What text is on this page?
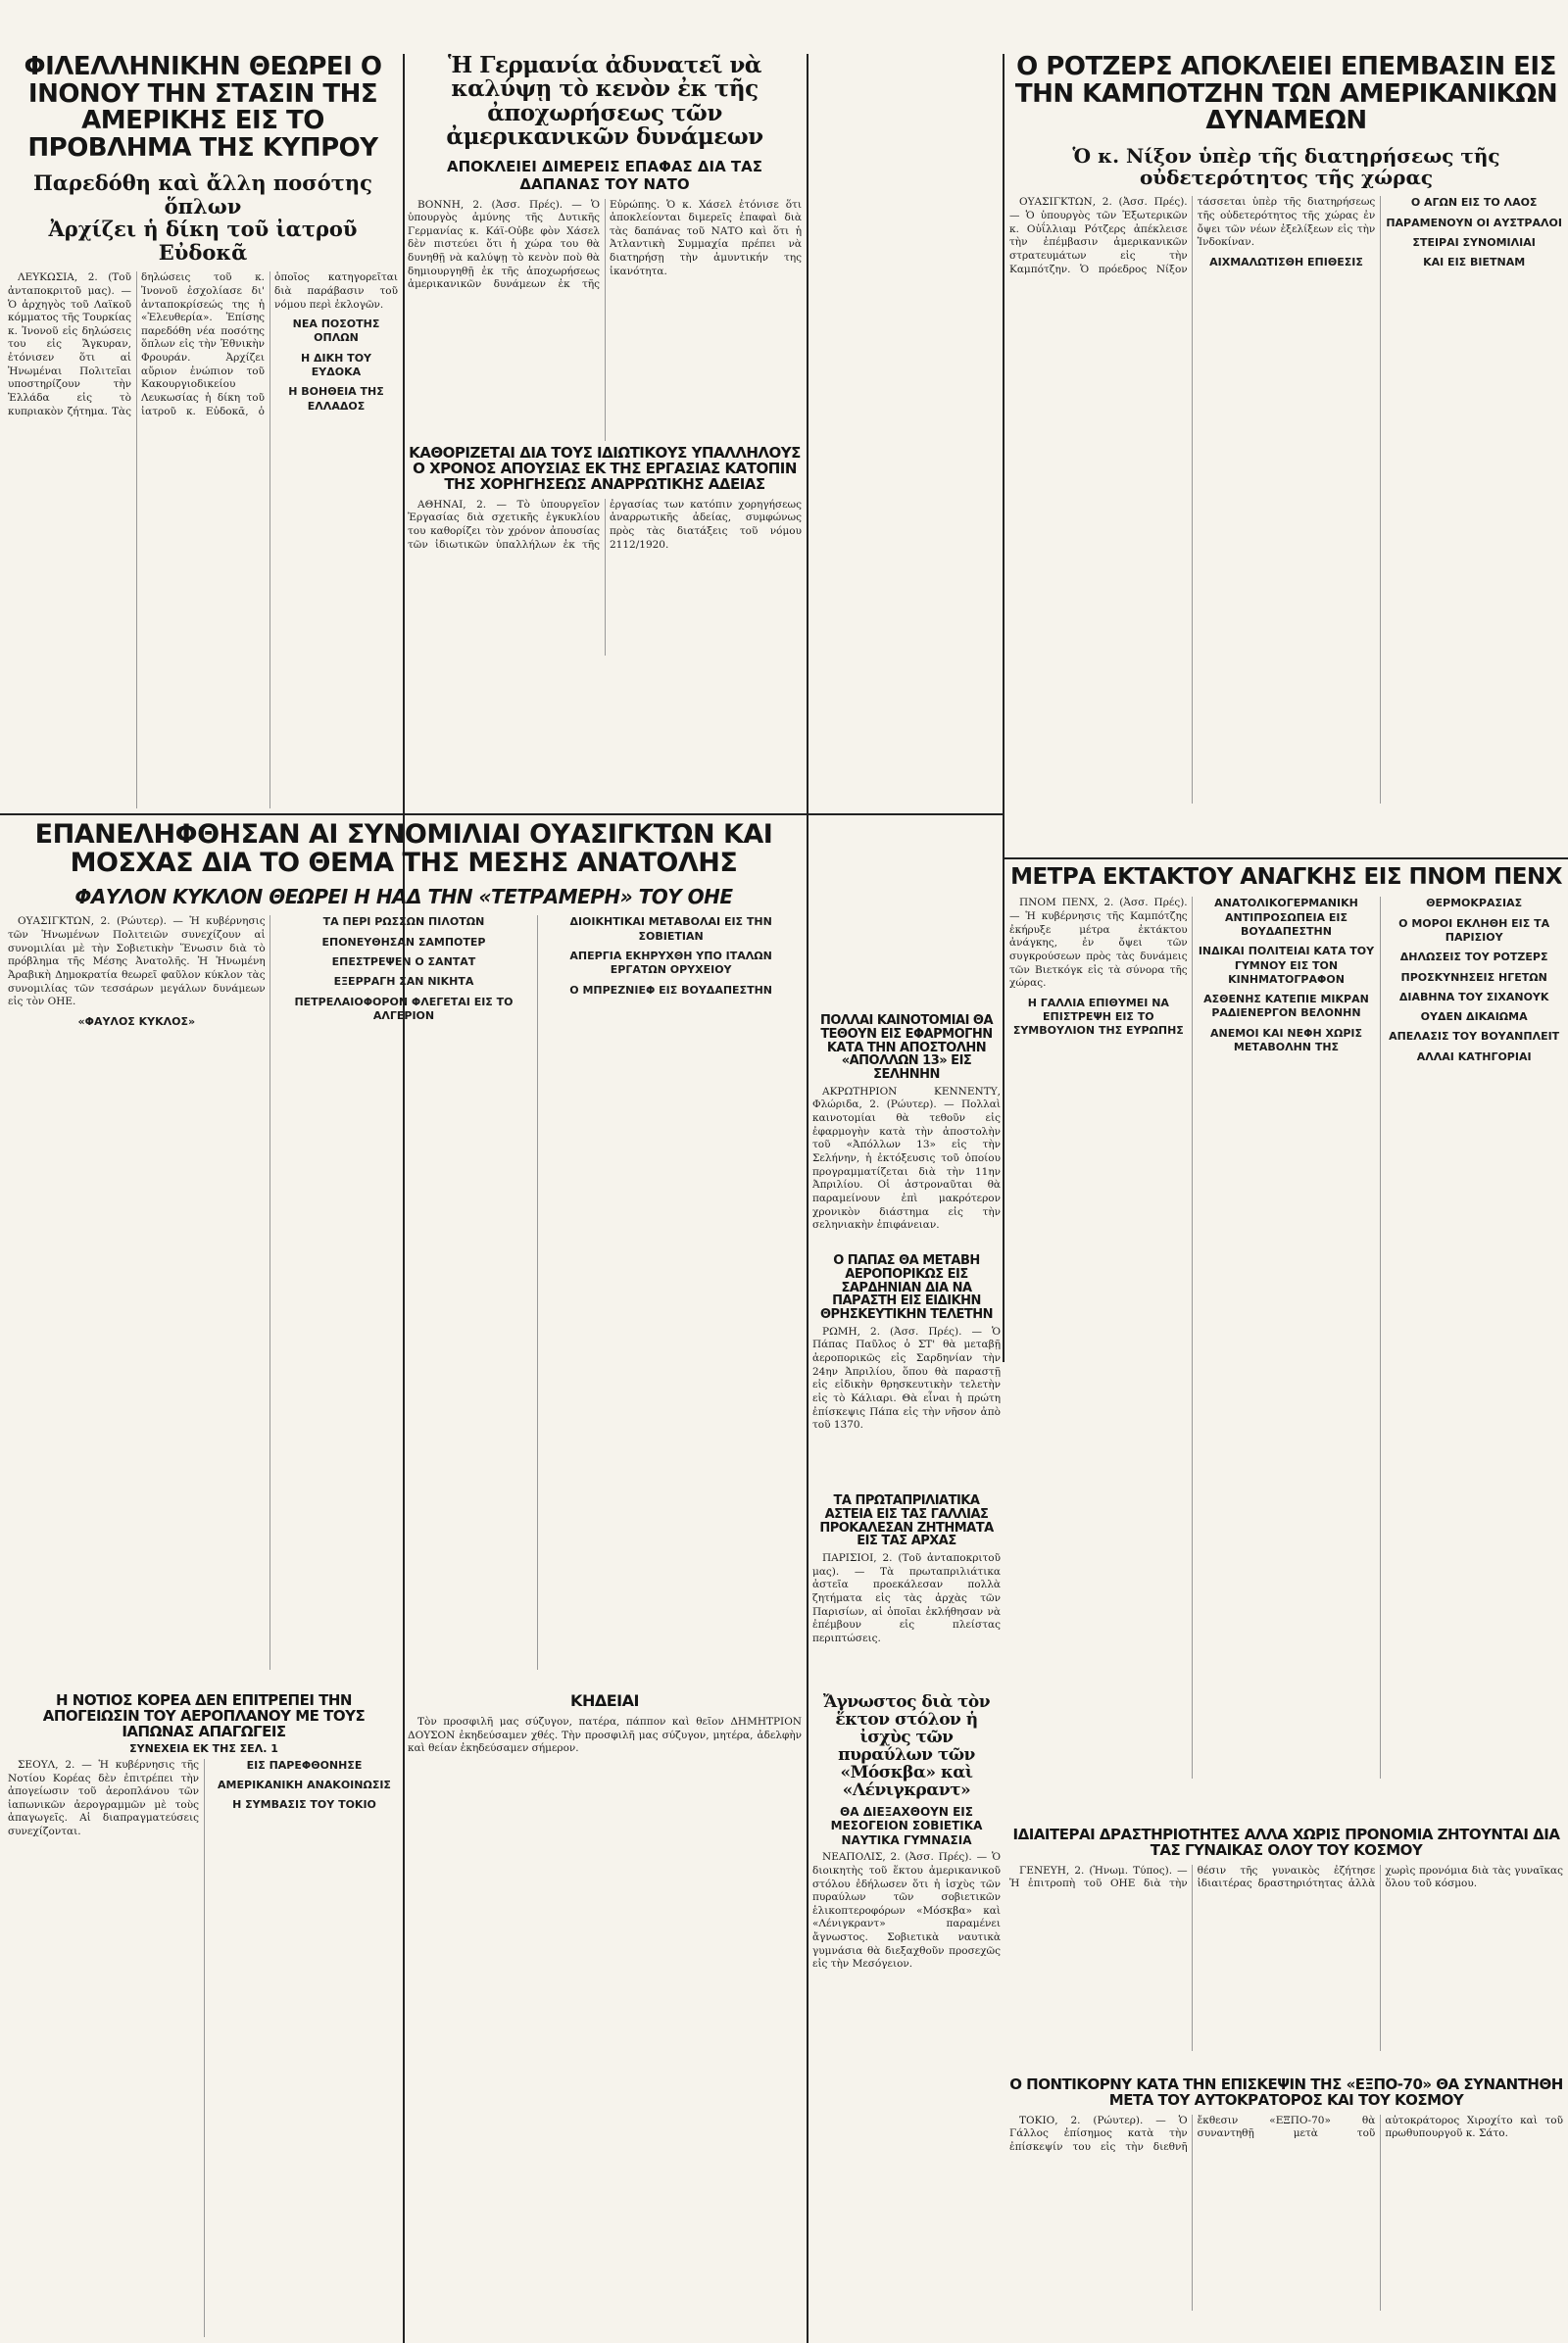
ΦΙΛΕΛΛΗΝΙΚΗΝ ΘΕΩΡΕΙ Ο ΙΝΟΝΟΥ ΤΗΝ ΣΤΑΣΙΝ ΤΗΣ ΑΜΕΡΙΚΗΣ ΕΙΣ ΤΟ ΠΡΟΒΛΗΜΑ ΤΗΣ ΚΥΠΡΟΥ
Παρεδόθη καὶ ἄλλη ποσότης ὅπλων
Ἀρχίζει ἡ δίκη τοῦ ἰατροῦ Εὐδοκᾶ

ΛΕΥΚΩΣΙΑ, 2. (Τοῦ ἀνταποκριτοῦ μας). — Ὁ ἀρχηγὸς τοῦ Λαϊκοῦ κόμματος τῆς Τουρκίας κ. Ἰνονοῦ εἰς δηλώσεις του εἰς Ἄγκυραν, ἐτόνισεν ὅτι αἱ Ἡνωμέναι Πολιτεῖαι υποστηρίζουν τὴν Ἑλλάδα εἰς τὸ κυπριακὸν ζήτημα. Τὰς δηλώσεις τοῦ κ. Ἰνονοῦ ἐσχολίασε δι' ἀνταποκρίσεώς της ἡ «Ἐλευθερία». Ἐπίσης παρεδόθη νέα ποσότης ὅπλων εἰς τὴν Ἐθνικὴν Φρουράν. Ἀρχίζει αὔριον ἐνώπιον τοῦ Κακουργιοδικείου Λευκωσίας ἡ δίκη τοῦ ἰατροῦ κ. Εὐδοκᾶ, ὁ ὁποῖος κατηγορεῖται διὰ παράβασιν τοῦ νόμου περὶ ἐκλογῶν.

ΝΕΑ ΠΟΣΟΤΗΣ ΟΠΛΩΝ
Η ΔΙΚΗ ΤΟΥ ΕΥΔΟΚΑ
Η ΒΟΗΘΕΙΑ ΤΗΣ ΕΛΛΑΔΟΣ
Ἡ Γερμανία ἀδυνατεῖ νὰ καλύψῃ τὸ κενὸν ἐκ τῆς ἀποχωρήσεως τῶν ἀμερικανικῶν δυνάμεων
ΑΠΟΚΛΕΙΕΙ ΔΙΜΕΡΕΙΣ ΕΠΑΦΑΣ ΔΙΑ ΤΑΣ ΔΑΠΑΝΑΣ ΤΟΥ ΝΑΤΟ

ΒΟΝΝΗ, 2. (Ἀσσ. Πρές). — Ὁ ὑπουργὸς ἀμύνης τῆς Δυτικῆς Γερμανίας κ. Κάϊ-Οὐβε φὸν Χάσελ δὲν πιστεύει ὅτι ἡ χώρα του θὰ δυνηθῇ νὰ καλύψῃ τὸ κενὸν ποὺ θὰ δημιουργηθῇ ἐκ τῆς ἀποχωρήσεως ἀμερικανικῶν δυνάμεων ἐκ τῆς Εὐρώπης. Ὁ κ. Χάσελ ἐτόνισε ὅτι ἀποκλείονται διμερεῖς ἐπαφαὶ διὰ τὰς δαπάνας τοῦ ΝΑΤΟ καὶ ὅτι ἡ Ἀτλαντικὴ Συμμαχία πρέπει νὰ διατηρήσῃ τὴν ἀμυντικήν της ἱκανότητα.

ΚΑΘΟΡΙΖΕΤΑΙ ΔΙΑ ΤΟΥΣ ΙΔΙΩΤΙΚΟΥΣ ΥΠΑΛΛΗΛΟΥΣ Ο ΧΡΟΝΟΣ ΑΠΟΥΣΙΑΣ ΕΚ ΤΗΣ ΕΡΓΑΣΙΑΣ ΚΑΤΟΠΙΝ ΤΗΣ ΧΟΡΗΓΗΣΕΩΣ ΑΝΑΡΡΩΤΙΚΗΣ ΑΔΕΙΑΣ

ΑΘΗΝΑΙ, 2. — Τὸ ὑπουργεῖον Ἐργασίας διὰ σχετικῆς ἐγκυκλίου του καθορίζει τὸν χρόνον ἀπουσίας τῶν ἰδιωτικῶν ὑπαλλήλων ἐκ τῆς ἐργασίας των κατόπιν χορηγήσεως ἀναρρωτικῆς ἀδείας, συμφώνως πρὸς τὰς διατάξεις τοῦ νόμου 2112/1920.

Ο ΡΟΤΖΕΡΣ ΑΠΟΚΛΕΙΕΙ ΕΠΕΜΒΑΣΙΝ ΕΙΣ ΤΗΝ ΚΑΜΠΟΤΖΗΝ ΤΩΝ ΑΜΕΡΙΚΑΝΙΚΩΝ ΔΥΝΑΜΕΩΝ
Ὁ κ. Νίξον ὑπὲρ τῆς διατηρήσεως τῆς οὐδετερότητος τῆς χώρας

ΟΥΑΣΙΓΚΤΩΝ, 2. (Ἀσσ. Πρές). — Ὁ ὑπουργὸς τῶν Ἐξωτερικῶν κ. Οὐΐλλιαμ Ρότζερς ἀπέκλεισε τὴν ἐπέμβασιν ἀμερικανικῶν στρατευμάτων εἰς τὴν Καμπότζην. Ὁ πρόεδρος Νίξον τάσσεται ὑπὲρ τῆς διατηρήσεως τῆς οὐδετερότητος τῆς χώρας ἐν ὄψει τῶν νέων ἐξελίξεων εἰς τὴν Ἰνδοκίναν.

ΑΙΧΜΑΛΩΤΙΣΘΗ ΕΠΙΘΕΣΙΣ
Ο ΑΓΩΝ ΕΙΣ ΤΟ ΛΑΟΣ
ΠΑΡΑΜΕΝΟΥΝ ΟΙ ΑΥΣΤΡΑΛΟΙ
ΣΤΕΙΡΑΙ ΣΥΝΟΜΙΛΙΑΙ
ΚΑΙ ΕΙΣ ΒΙΕΤΝΑΜ
ΕΠΑΝΕΛΗΦΘΗΣΑΝ ΑΙ ΣΥΝΟΜΙΛΙΑΙ ΟΥΑΣΙΓΚΤΩΝ ΚΑΙ ΜΟΣΧΑΣ ΔΙΑ ΤΟ ΘΕΜΑ ΤΗΣ ΜΕΣΗΣ ΑΝΑΤΟΛΗΣ
ΦΑΥΛΟΝ ΚΥΚΛΟΝ ΘΕΩΡΕΙ Η ΗΑΔ ΤΗΝ «ΤΕΤΡΑΜΕΡΗ» ΤΟΥ ΟΗΕ

ΟΥΑΣΙΓΚΤΩΝ, 2. (Ρώυτερ). — Ἡ κυβέρνησις τῶν Ἡνωμένων Πολιτειῶν συνεχίζουν αἱ συνομιλίαι μὲ τὴν Σοβιετικὴν Ἕνωσιν διὰ τὸ πρόβλημα τῆς Μέσης Ἀνατολῆς. Ἡ Ἡνωμένη Ἀραβικὴ Δημοκρατία θεωρεῖ φαῦλον κύκλον τὰς συνομιλίας τῶν τεσσάρων μεγάλων δυνάμεων εἰς τὸν ΟΗΕ.

«ΦΑΥΛΟΣ ΚΥΚΛΟΣ»
ΤΑ ΠΕΡΙ ΡΩΣΣΩΝ ΠΙΛΟΤΩΝ
ΕΠΟΝΕΥΘΗΣΑΝ ΣΑΜΠΟΤΕΡ
ΕΠΕΣΤΡΕΨΕΝ Ο ΣΑΝΤΑΤ
ΕΞΕΡΡΑΓΗ ΣΑΝ ΝΙΚΗΤΑ
ΠΕΤΡΕΛΑΙΟΦΟΡΟΝ ΦΛΕΓΕΤΑΙ ΕΙΣ ΤΟ ΑΛΓΕΡΙΟΝ
ΔΙΟΙΚΗΤΙΚΑΙ ΜΕΤΑΒΟΛΑΙ ΕΙΣ ΤΗΝ ΣΟΒΙΕΤΙΑΝ
ΑΠΕΡΓΙΑ ΕΚΗΡΥΧΘΗ ΥΠΟ ΙΤΑΛΩΝ ΕΡΓΑΤΩΝ ΟΡΥΧΕΙΟΥ
Ο ΜΠΡΕΖΝΙΕΦ ΕΙΣ ΒΟΥΔΑΠΕΣΤΗΝ
ΠΟΛΛΑΙ ΚΑΙΝΟΤΟΜΙΑΙ ΘΑ ΤΕΘΟΥΝ ΕΙΣ ΕΦΑΡΜΟΓΗΝ ΚΑΤΑ ΤΗΝ ΑΠΟΣΤΟΛΗΝ «ΑΠΟΛΛΩΝ 13» ΕΙΣ ΣΕΛΗΝΗΝ

ΑΚΡΩΤΗΡΙΟΝ ΚΕΝΝΕΝΤΥ, Φλώριδα, 2. (Ρώυτερ). — Πολλαὶ καινοτομίαι θὰ τεθοῦν εἰς ἐφαρμογὴν κατὰ τὴν ἀποστολὴν τοῦ «Ἀπόλλων 13» εἰς τὴν Σελήνην, ἡ ἐκτόξευσις τοῦ ὁποίου προγραμματίζεται διὰ τὴν 11ην Ἀπριλίου. Οἱ ἀστροναῦται θὰ παραμείνουν ἐπὶ μακρότερον χρονικὸν διάστημα εἰς τὴν σεληνιακὴν ἐπιφάνειαν.

Ο ΠΑΠΑΣ ΘΑ ΜΕΤΑΒΗ ΑΕΡΟΠΟΡΙΚΩΣ ΕΙΣ ΣΑΡΔΗΝΙΑΝ ΔΙΑ ΝΑ ΠΑΡΑΣΤΗ ΕΙΣ ΕΙΔΙΚΗΝ ΘΡΗΣΚΕΥΤΙΚΗΝ ΤΕΛΕΤΗΝ

ΡΩΜΗ, 2. (Ἀσσ. Πρές). — Ὁ Πάπας Παῦλος ὁ ΣΤ' θὰ μεταβῇ ἀεροπορικῶς εἰς Σαρδηνίαν τὴν 24ην Ἀπριλίου, ὅπου θὰ παραστῇ εἰς εἰδικὴν θρησκευτικὴν τελετὴν εἰς τὸ Κάλιαρι. Θὰ εἶναι ἡ πρώτη ἐπίσκεψις Πάπα εἰς τὴν νῆσον ἀπὸ τοῦ 1370.

ΤΑ ΠΡΩΤΑΠΡΙΛΙΑΤΙΚΑ ΑΣΤΕΙΑ ΕΙΣ ΤΑΣ ΓΑΛΛΙΑΣ ΠΡΟΚΑΛΕΣΑΝ ΖΗΤΗΜΑΤΑ ΕΙΣ ΤΑΣ ΑΡΧΑΣ

ΠΑΡΙΣΙΟΙ, 2. (Τοῦ ἀνταποκριτοῦ μας). — Τὰ πρωταπριλιάτικα ἀστεῖα προεκάλεσαν πολλὰ ζητήματα εἰς τὰς ἀρχὰς τῶν Παρισίων, αἱ ὁποῖαι ἐκλήθησαν νὰ ἐπέμβουν εἰς πλείστας περιπτώσεις.

Η ΝΟΤΙΟΣ ΚΟΡΕΑ ΔΕΝ ΕΠΙΤΡΕΠΕΙ ΤΗΝ ΑΠΟΓΕΙΩΣΙΝ ΤΟΥ ΑΕΡΟΠΛΑΝΟΥ ΜΕ ΤΟΥΣ ΙΑΠΩΝΑΣ ΑΠΑΓΩΓΕΙΣ
ΣΥΝΕΧΕΙΑ ΕΚ ΤΗΣ ΣΕΛ. 1

ΣΕΟΥΛ, 2. — Ἡ κυβέρνησις τῆς Νοτίου Κορέας δὲν ἐπιτρέπει τὴν ἀπογείωσιν τοῦ ἀεροπλάνου τῶν ἰαπωνικῶν ἀερογραμμῶν μὲ τοὺς ἀπαγωγεῖς. Αἱ διαπραγματεύσεις συνεχίζονται.

ΕΙΣ ΠΑΡΕΦΘΟΝΗΣΕ
ΑΜΕΡΙΚΑΝΙΚΗ ΑΝΑΚΟΙΝΩΣΙΣ
Η ΣΥΜΒΑΣΙΣ ΤΟΥ ΤΟΚΙΟ
ΚΗΔΕΙΑΙ

Τὸν προσφιλῆ μας σύζυγον, πατέρα, πάππον καὶ θεῖον ΔΗΜΗΤΡΙΟΝ ΔΟΥΣΟΝ ἐκηδεύσαμεν χθές. Τὴν προσφιλῆ μας σύζυγον, μητέρα, ἀδελφὴν καὶ θείαν ἐκηδεύσαμεν σήμερον.

Ἄγνωστος διὰ τὸν ἕκτον στόλον ἡ ἰσχὺς τῶν πυραύλων τῶν «Μόσκβα» καὶ «Λένιγκραντ»
ΘΑ ΔΙΕΞΑΧΘΟΥΝ ΕΙΣ ΜΕΣΟΓΕΙΟΝ ΣΟΒΙΕΤΙΚΑ ΝΑΥΤΙΚΑ ΓΥΜΝΑΣΙΑ

ΝΕΑΠΟΛΙΣ, 2. (Ἀσσ. Πρές). — Ὁ διοικητὴς τοῦ ἕκτου ἀμερικανικοῦ στόλου ἐδήλωσεν ὅτι ἡ ἰσχὺς τῶν πυραύλων τῶν σοβιετικῶν ἑλικοπτεροφόρων «Μόσκβα» καὶ «Λένιγκραντ» παραμένει ἄγνωστος. Σοβιετικὰ ναυτικὰ γυμνάσια θὰ διεξαχθοῦν προσεχῶς εἰς τὴν Μεσόγειον.

ΜΕΤΡΑ ΕΚΤΑΚΤΟΥ ΑΝΑΓΚΗΣ ΕΙΣ ΠΝΟΜ ΠΕΝΧ

ΠΝΟΜ ΠΕΝΧ, 2. (Ἀσσ. Πρές). — Ἡ κυβέρνησις τῆς Καμπότζης ἐκήρυξε μέτρα ἐκτάκτου ἀνάγκης, ἐν ὄψει τῶν συγκρούσεων πρὸς τὰς δυνάμεις τῶν Βιετκόγκ εἰς τὰ σύνορα τῆς χώρας.

Η ΓΑΛΛΙΑ ΕΠΙΘΥΜΕΙ ΝΑ ΕΠΙΣΤΡΕΨΗ ΕΙΣ ΤΟ ΣΥΜΒΟΥΛΙΟΝ ΤΗΣ ΕΥΡΩΠΗΣ
ΑΝΑΤΟΛΙΚΟΓΕΡΜΑΝΙΚΗ ΑΝΤΙΠΡΟΣΩΠΕΙΑ ΕΙΣ ΒΟΥΔΑΠΕΣΤΗΝ
ΙΝΔΙΚΑΙ ΠΟΛΙΤΕΙΑΙ ΚΑΤΑ ΤΟΥ ΓΥΜΝΟΥ ΕΙΣ ΤΟΝ ΚΙΝΗΜΑΤΟΓΡΑΦΟΝ
ΑΣΘΕΝΗΣ ΚΑΤΕΠΙΕ ΜΙΚΡΑΝ ΡΑΔΙΕΝΕΡΓΟΝ ΒΕΛΟΝΗΝ
ΑΝΕΜΟΙ ΚΑΙ ΝΕΦΗ ΧΩΡΙΣ ΜΕΤΑΒΟΛΗΝ ΤΗΣ ΘΕΡΜΟΚΡΑΣΙΑΣ
Ο ΜΟΡΟΙ ΕΚΛΗΘΗ ΕΙΣ ΤΑ ΠΑΡΙΣΙΟΥ
ΔΗΛΩΣΕΙΣ ΤΟΥ ΡΟΤΖΕΡΣ
ΠΡΟΣΚΥΝΗΣΕΙΣ ΗΓΕΤΩΝ
ΔΙΑΒΗΝΑ ΤΟΥ ΣΙΧΑΝΟΥΚ
ΟΥΔΕΝ ΔΙΚΑΙΩΜΑ
ΑΠΕΛΑΣΙΣ ΤΟΥ ΒΟΥΑΝΠΛΕΙΤ
ΑΛΛΑΙ ΚΑΤΗΓΟΡΙΑΙ
ΙΔΙΑΙΤΕΡΑΙ ΔΡΑΣΤΗΡΙΟΤΗΤΕΣ ΑΛΛΑ ΧΩΡΙΣ ΠΡΟΝΟΜΙΑ ΖΗΤΟΥΝΤΑΙ ΔΙΑ ΤΑΣ ΓΥΝΑΙΚΑΣ ΟΛΟΥ ΤΟΥ ΚΟΣΜΟΥ

ΓΕΝΕΥΗ, 2. (Ἡνωμ. Τύπος). — Ἡ ἐπιτροπὴ τοῦ ΟΗΕ διὰ τὴν θέσιν τῆς γυναικὸς ἐζήτησε ἰδιαιτέρας δραστηριότητας ἀλλὰ χωρὶς προνόμια διὰ τὰς γυναῖκας ὅλου τοῦ κόσμου.

Ο ΠΟΝΤΙΚΟΡΝΥ ΚΑΤΑ ΤΗΝ ΕΠΙΣΚΕΨΙΝ ΤΗΣ «ΕΞΠΟ-70» ΘΑ ΣΥΝΑΝΤΗΘΗ ΜΕΤΑ ΤΟΥ ΑΥΤΟΚΡΑΤΟΡΟΣ ΚΑΙ ΤΟΥ ΚΟΣΜΟΥ

ΤΟΚΙΟ, 2. (Ρώυτερ). — Ὁ Γάλλος ἐπίσημος κατὰ τὴν ἐπίσκεψίν του εἰς τὴν διεθνῆ ἔκθεσιν «ΕΞΠΟ-70» θὰ συναντηθῇ μετὰ τοῦ αὐτοκράτορος Χιροχίτο καὶ τοῦ πρωθυπουργοῦ κ. Σάτο.
